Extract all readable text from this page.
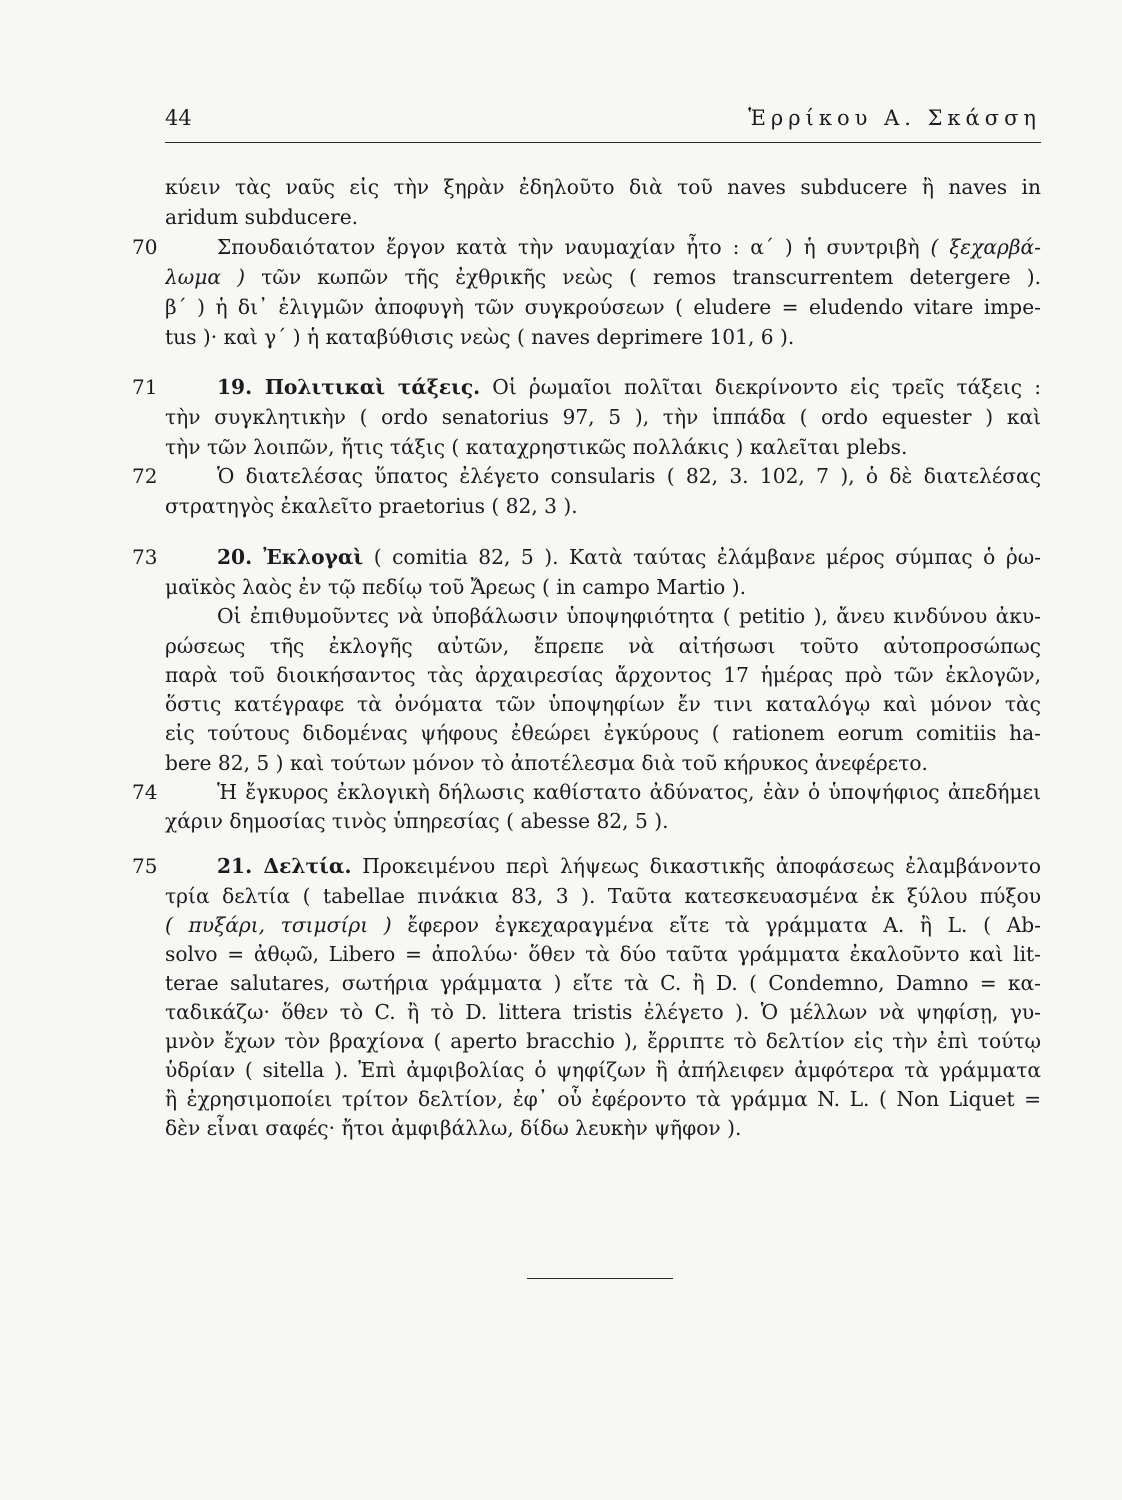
44	Ἑρρίκου Α. Σκάσση
κύειν τὰς ναῦς εἰς τὴν ξηρὰν ἐδηλοῦτο διὰ τοῦ naves subducere ἢ naves in
aridum subducere.
70	Σπουδαιότατον ἔργον κατὰ τὴν ναυμαχίαν ἦτο : α΄ ) ἡ συντριβὴ ( ξεχαρβά-
λωμα ) τῶν κωπῶν τῆς ἐχθρικῆς νεὼς ( remos transcurrentem detergere ).
β΄ ) ἡ δι᾽ ἑλιγμῶν ἀποφυγὴ τῶν συγκρούσεων ( eludere = eludendo vitare impe-
tus )· καὶ γ΄ ) ἡ καταβύθισις νεὼς ( naves deprimere 101, 6 ).
71	19. Πολιτικαὶ τάξεις. Οἱ ῥωμαῖοι πολῖται διεκρίνοντο εἰς τρεῖς τάξεις :
τὴν συγκλητικὴν ( ordo senatorius 97, 5 ), τὴν ἱππάδα ( ordo equester ) καὶ
τὴν τῶν λοιπῶν, ἥτις τάξις ( καταχρηστικῶς πολλάκις ) καλεῖται plebs.
72	Ὁ διατελέσας ὕπατος ἐλέγετο consularis ( 82, 3. 102, 7 ), ὁ δὲ διατελέσας
στρατηγὸς ἐκαλεῖτο praetorius ( 82, 3 ).
73	20. Ἐκλογαὶ ( comitia 82, 5 ). Κατὰ ταύτας ἐλάμβανε μέρος σύμπας ὁ ῥω-
μαϊκὸς λαὸς ἐν τῷ πεδίῳ τοῦ Ἄρεως ( in campo Martio ).
Οἱ ἐπιθυμοῦντες νὰ ὑποβάλωσιν ὑποψηφιότητα ( petitio ), ἄνευ κινδύνου ἀκυ-
ρώσεως τῆς ἐκλογῆς αὐτῶν, ἔπρεπε νὰ αἰτήσωσι τοῦτο αὐτοπροσώπως
παρὰ τοῦ διοικήσαντος τὰς ἀρχαιρεσίας ἄρχοντος 17 ἡμέρας πρὸ τῶν ἐκλογῶν,
ὅστις κατέγραφε τὰ ὀνόματα τῶν ὑποψηφίων ἔν τινι καταλόγῳ καὶ μόνον τὰς
εἰς τούτους διδομένας ψήφους ἐθεώρει ἐγκύρους ( rationem eorum comitiis ha-
bere 82, 5 ) καὶ τούτων μόνον τὸ ἀποτέλεσμα διὰ τοῦ κήρυκος ἀνεφέρετο.
74	Ἡ ἔγκυρος ἐκλογικὴ δήλωσις καθίστατο ἀδύνατος, ἐὰν ὁ ὑποψήφιος ἀπεδήμει
χάριν δημοσίας τινὸς ὑπηρεσίας ( abesse 82, 5 ).
75	21. Δελτία. Προκειμένου περὶ λήψεως δικαστικῆς ἀποφάσεως ἐλαμβάνοντο
τρία δελτία ( tabellae πινάκια 83, 3 ). Ταῦτα κατεσκευασμένα ἐκ ξύλου πύξου
( πυξάρι, τσιμσίρι ) ἔφερον ἐγκεχαραγμένα εἴτε τὰ γράμματα A. ἢ L. ( Ab-
solvo = ἀθῳῶ, Libero = ἀπολύω· ὅθεν τὰ δύο ταῦτα γράμματα ἐκαλοῦντο καὶ lit-
terae salutares, σωτήρια γράμματα ) εἴτε τὰ C. ἢ D. ( Condemno, Damno = κα-
ταδικάζω· ὅθεν τὸ C. ἢ τὸ D. littera tristis ἐλέγετο ). Ὁ μέλλων νὰ ψηφίσῃ, γυ-
μνὸν ἔχων τὸν βραχίονα ( aperto bracchio ), ἔρριπτε τὸ δελτίον εἰς τὴν ἐπὶ τούτῳ
ὑδρίαν ( sitella ). Ἐπὶ ἀμφιβολίας ὁ ψηφίζων ἢ ἀπήλειφεν ἀμφότερα τὰ γράμματα
ἢ ἐχρησιμοποίει τρίτον δελτίον, ἐφ᾽ οὗ ἐφέροντο τὰ γράμμα N. L. ( Non Liquet =
δὲν εἶναι σαφές· ἤτοι ἀμφιβάλλω, δίδω λευκὴν ψῆφον ).
